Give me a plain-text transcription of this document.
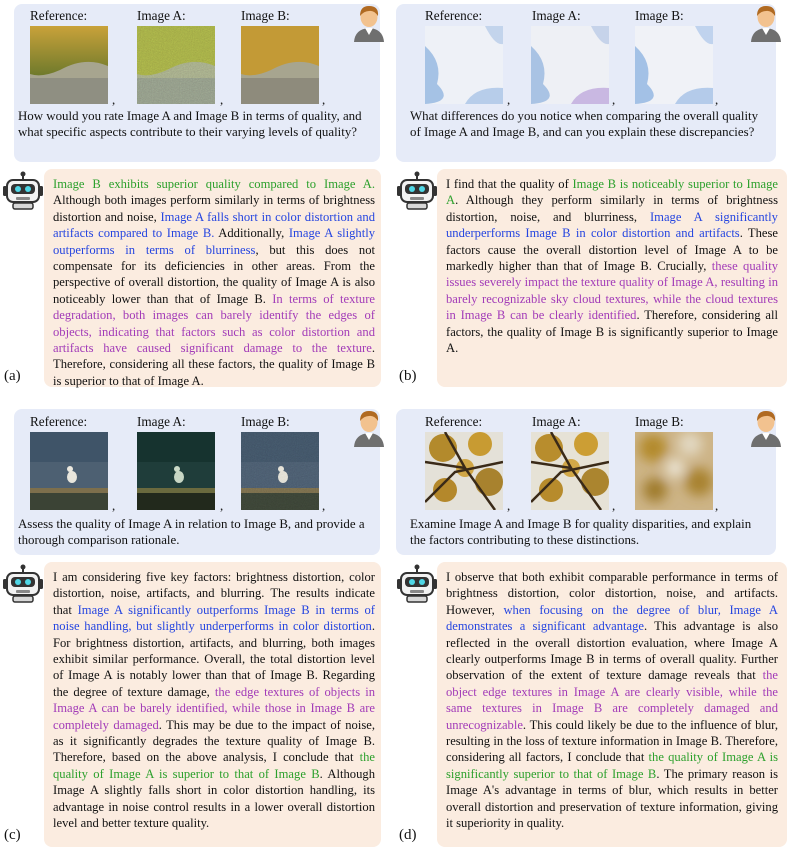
Reference:	Image A:	Image B:
,	,	,
How would you rate Image A and Image B in terms of quality, and what specific aspects contribute to their varying levels of quality?
Image B exhibits superior quality compared to Image A. Although both images perform similarly in terms of brightness distortion and noise, Image A falls short in color distortion and artifacts compared to Image B. Additionally, Image A slightly outperforms in terms of blurriness, but this does not compensate for its deficiencies in other areas. From the perspective of overall distortion, the quality of Image A is also noticeably lower than that of Image B. In terms of texture degradation, both images can barely identify the edges of objects, indicating that factors such as color distortion and artifacts have caused significant damage to the texture. Therefore, considering all these factors, the quality of Image B is superior to that of Image A.
(a)
Reference:	Image A:	Image B:
,	,	,
What differences do you notice when comparing the overall quality of Image A and Image B, and can you explain these discrepancies?
I find that the quality of Image B is noticeably superior to Image A. Although they perform similarly in terms of brightness distortion, noise, and blurriness, Image A significantly underperforms Image B in color distortion and artifacts. These factors cause the overall distortion level of Image A to be markedly higher than that of Image B. Crucially, these quality issues severely impact the texture quality of Image A, resulting in barely recognizable sky cloud textures, while the cloud textures in Image B can be clearly identified. Therefore, considering all factors, the quality of Image B is significantly superior to Image A.
(b)
Reference:	Image A:	Image B:
,	,	,
Assess the quality of Image A in relation to Image B, and provide a thorough comparison rationale.
I am considering five key factors: brightness distortion, color distortion, noise, artifacts, and blurring. The results indicate that Image A significantly outperforms Image B in terms of noise handling, but slightly underperforms in color distortion. For brightness distortion, artifacts, and blurring, both images exhibit similar performance. Overall, the total distortion level of Image A is notably lower than that of Image B. Regarding the degree of texture damage, the edge textures of objects in Image A can be barely identified, while those in Image B are completely damaged. This may be due to the impact of noise, as it significantly degrades the texture quality of Image B. Therefore, based on the above analysis, I conclude that the quality of Image A is superior to that of Image B. Although Image A slightly falls short in color distortion handling, its advantage in noise control results in a lower overall distortion level and better texture quality.
(c)
Reference:	Image A:	Image B:
,	,	,
Examine Image A and Image B for quality disparities, and explain the factors contributing to these distinctions.
I observe that both exhibit comparable performance in terms of brightness distortion, color distortion, noise, and artifacts. However, when focusing on the degree of blur, Image A demonstrates a significant advantage. This advantage is also reflected in the overall distortion evaluation, where Image A clearly outperforms Image B in terms of overall quality. Further observation of the extent of texture damage reveals that the object edge textures in Image A are clearly visible, while the same textures in Image B are completely damaged and unrecognizable. This could likely be due to the influence of blur, resulting in the loss of texture information in Image B. Therefore, considering all factors, I conclude that the quality of Image A is significantly superior to that of Image B. The primary reason is Image A's advantage in terms of blur, which results in better overall distortion and preservation of texture information, giving it superiority in quality.
(d)
